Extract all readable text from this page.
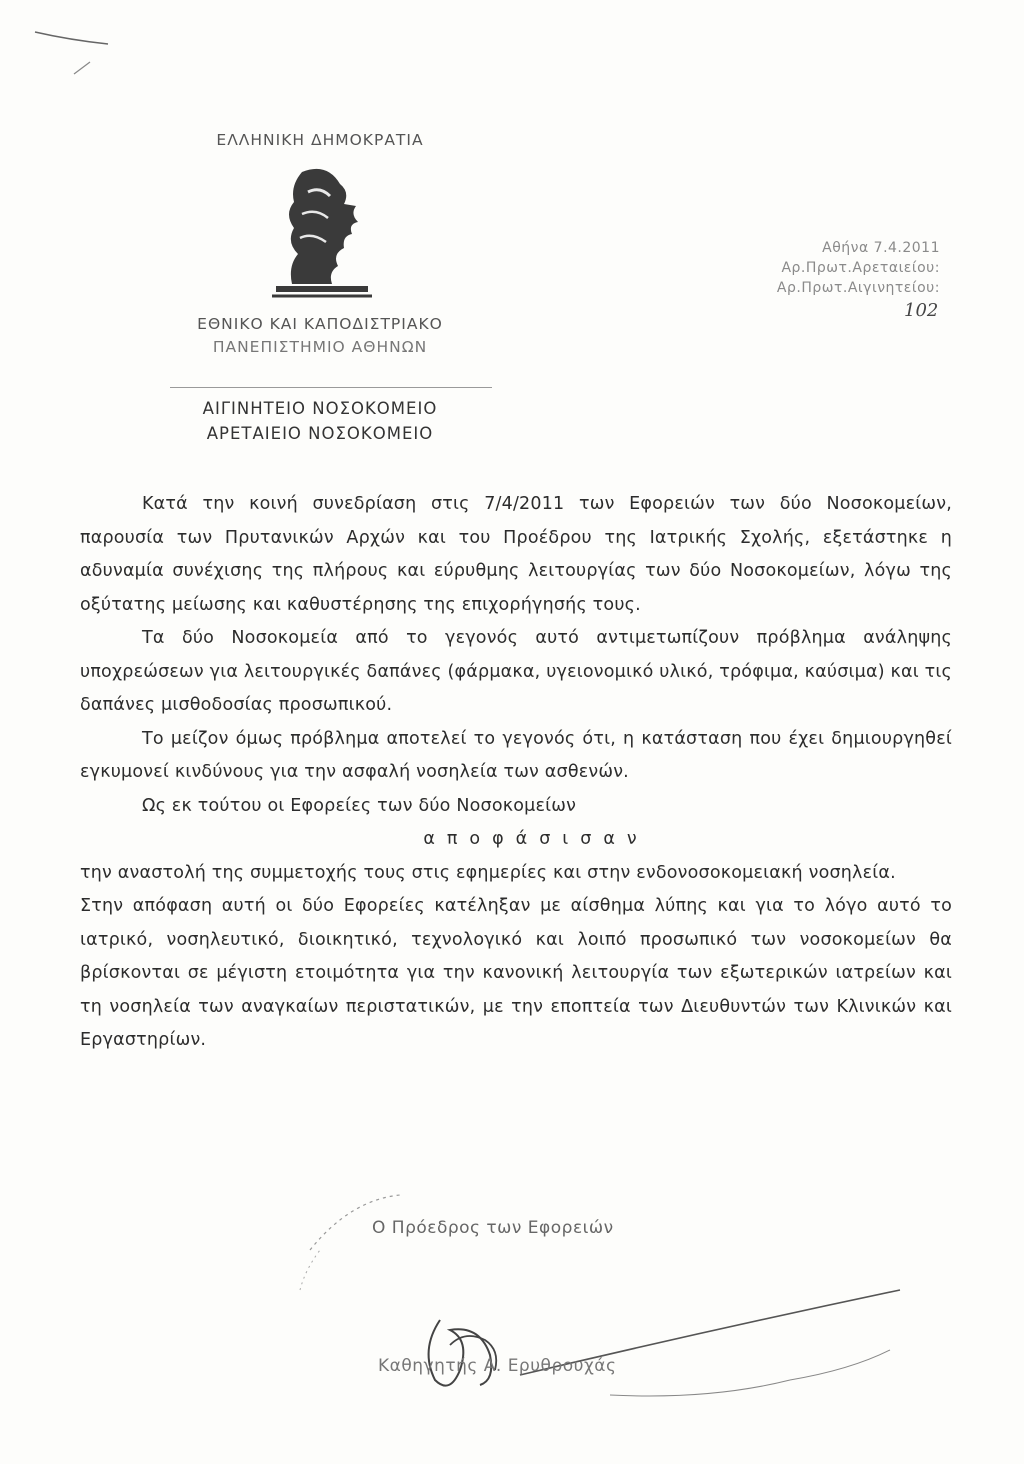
ΕΛΛΗΝΙΚΗ ΔΗΜΟΚΡΑΤΙΑ
ΕΘΝΙΚΟ ΚΑΙ ΚΑΠΟΔΙΣΤΡΙΑΚΟ
ΠΑΝΕΠΙΣΤΗΜΙΟ ΑΘΗΝΩΝ
ΑΙΓΙΝΗΤΕΙΟ ΝΟΣΟΚΟΜΕΙΟ
ΑΡΕΤΑΙΕΙΟ ΝΟΣΟΚΟΜΕΙΟ
Αθήνα 7.4.2011
Αρ.Πρωτ.Αρεταιείου:
Αρ.Πρωτ.Αιγινητείου:
102

Κατά την κοινή συνεδρίαση στις 7/4/2011 των Εφορειών των δύο Νοσοκομείων, παρουσία των Πρυτανικών Αρχών και του Προέδρου της Ιατρικής Σχολής, εξετάστηκε η αδυναμία συνέχισης της πλήρους και εύρυθμης λειτουργίας των δύο Νοσοκομείων, λόγω της οξύτατης μείωσης και καθυστέρησης της επιχορήγησής τους.

Τα δύο Νοσοκομεία από το γεγονός αυτό αντιμετωπίζουν πρόβλημα ανάληψης υποχρεώσεων για λειτουργικές δαπάνες (φάρμακα, υγειονομικό υλικό, τρόφιμα, καύσιμα) και τις δαπάνες μισθοδοσίας προσωπικού.

Το μείζον όμως πρόβλημα αποτελεί το γεγονός ότι, η κατάσταση που έχει δημιουργηθεί εγκυμονεί κινδύνους για την ασφαλή νοσηλεία των ασθενών.

Ως εκ τούτου οι Εφορείες των δύο Νοσοκομείων

αποφάσισαν

την αναστολή της συμμετοχής τους στις εφημερίες και στην ενδονοσοκομειακή νοσηλεία.

Στην απόφαση αυτή οι δύο Εφορείες κατέληξαν με αίσθημα λύπης και για το λόγο αυτό το ιατρικό, νοσηλευτικό, διοικητικό, τεχνολογικό και λοιπό προσωπικό των νοσοκομείων θα βρίσκονται σε μέγιστη ετοιμότητα για την κανονική λειτουργία των εξωτερικών ιατρείων και τη νοσηλεία των αναγκαίων περιστατικών, με την εποπτεία των Διευθυντών των Κλινικών και Εργαστηρίων.

Ο Πρόεδρος των Εφορειών
Καθηγητής Α. Ερυθρουχάς
